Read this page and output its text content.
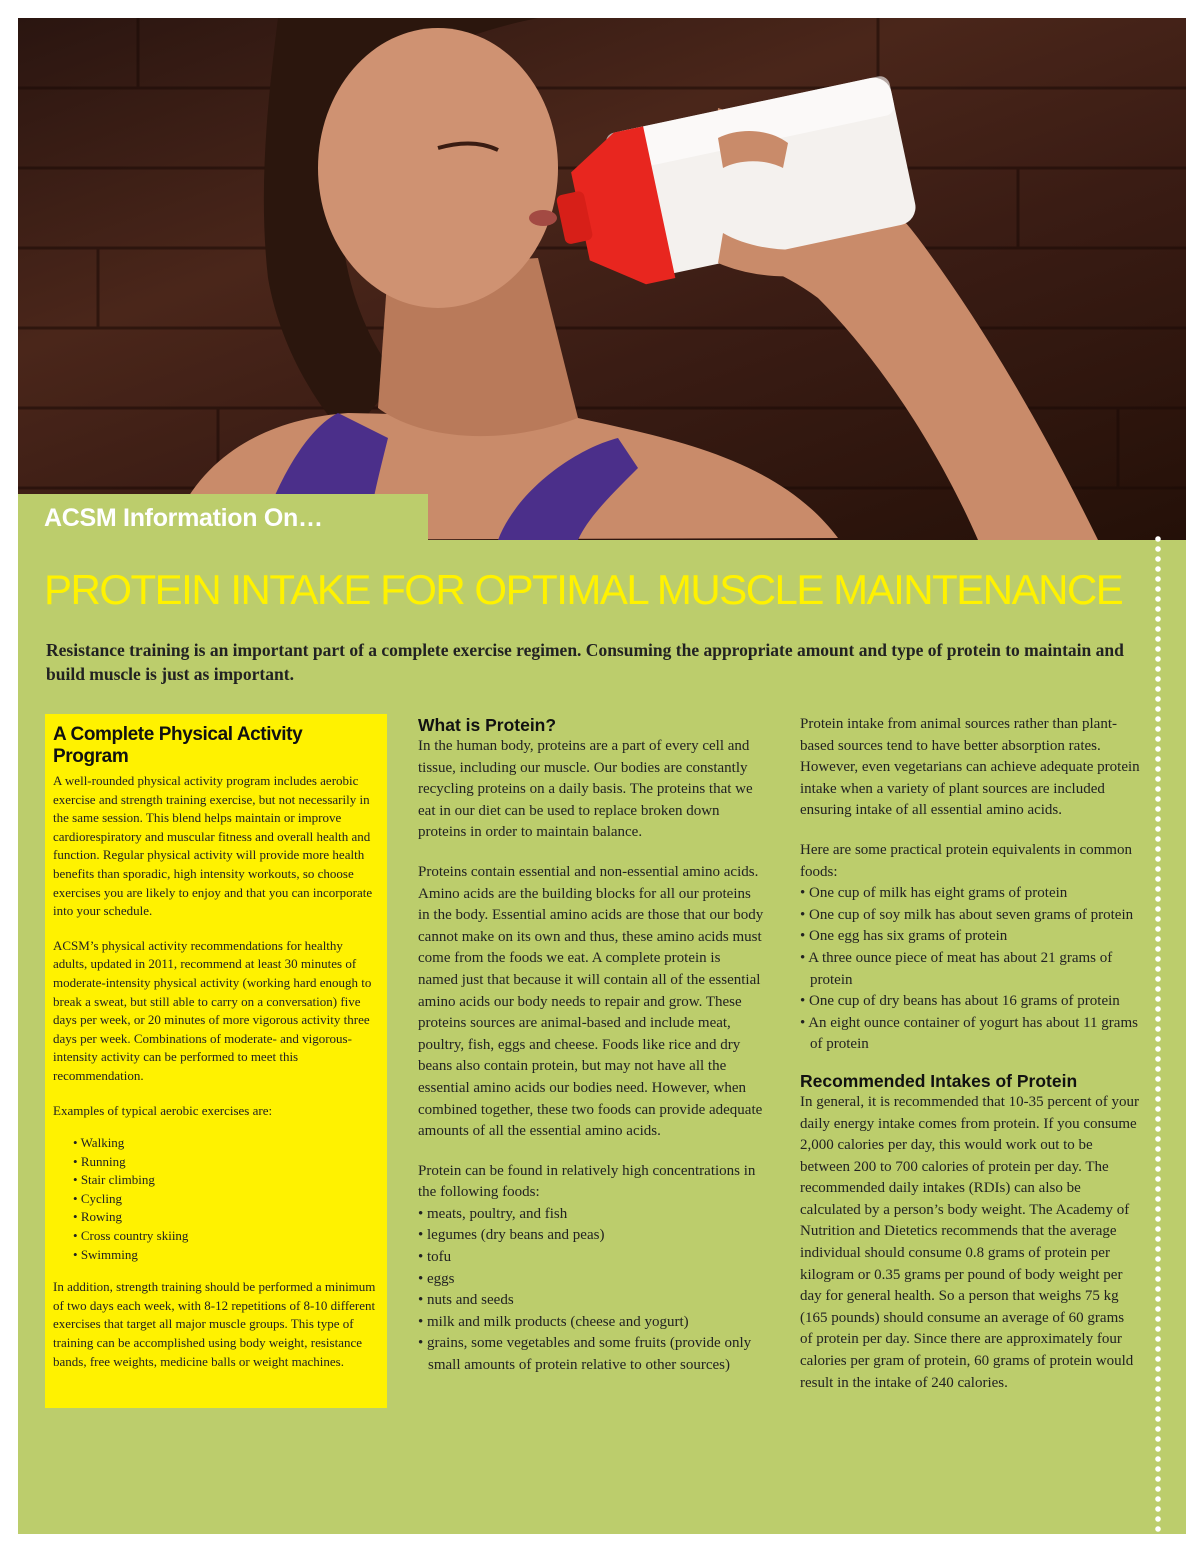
ACSM Information On…
PROTEIN INTAKE FOR OPTIMAL MUSCLE MAINTENANCE
Resistance training is an important part of a complete exercise regimen. Consuming the appropriate amount and type of protein to maintain and build muscle is just as important.
A Complete Physical Activity Program

A well-rounded physical activity program includes aerobic exercise and strength training exercise, but not necessarily in the same session. This blend helps maintain or improve cardiorespiratory and muscular fitness and overall health and function. Regular physical activity will provide more health benefits than sporadic, high intensity workouts, so choose exercises you are likely to enjoy and that you can incorporate into your schedule.

ACSM’s physical activity recommendations for healthy adults, updated in 2011, recommend at least 30 minutes of moderate-intensity physical activity (working hard enough to break a sweat, but still able to carry on a conversation) five days per week, or 20 minutes of more vigorous activity three days per week. Combinations of moderate- and vigorous-intensity activity can be performed to meet this recommendation.

Examples of typical aerobic exercises are:

• Walking
• Running
• Stair climbing
• Cycling
• Rowing
• Cross country skiing
• Swimming

In addition, strength training should be performed a minimum of two days each week, with 8-12 repetitions of 8-10 different exercises that target all major muscle groups. This type of training can be accomplished using body weight, resistance bands, free weights, medicine balls or weight machines.

What is Protein?

In the human body, proteins are a part of every cell and tissue, including our muscle. Our bodies are constantly recycling proteins on a daily basis. The proteins that we eat in our diet can be used to replace broken down proteins in order to maintain balance.

Proteins contain essential and non-essential amino acids. Amino acids are the building blocks for all our proteins in the body. Essential amino acids are those that our body cannot make on its own and thus, these amino acids must come from the foods we eat. A complete protein is named just that because it will contain all of the essential amino acids our body needs to repair and grow. These proteins sources are animal-based and include meat, poultry, fish, eggs and cheese. Foods like rice and dry beans also contain protein, but may not have all the essential amino acids our bodies need. However, when combined together, these two foods can provide adequate amounts of all the essential amino acids.

Protein can be found in relatively high concentrations in the following foods:

• meats, poultry, and fish
• legumes (dry beans and peas)
• tofu
• eggs
• nuts and seeds
• milk and milk products (cheese and yogurt)
• grains, some vegetables and some fruits (provide only small amounts of protein relative to other sources)

Protein intake from animal sources rather than plant-based sources tend to have better absorption rates. However, even vegetarians can achieve adequate protein intake when a variety of plant sources are included ensuring intake of all essential amino acids.

Here are some practical protein equivalents in common foods:

• One cup of milk has eight grams of protein
• One cup of soy milk has about seven grams of protein
• One egg has six grams of protein
• A three ounce piece of meat has about 21 grams of protein
• One cup of dry beans has about 16 grams of protein
• An eight ounce container of yogurt has about 11 grams of protein
Recommended Intakes of Protein

In general, it is recommended that 10-35 percent of your daily energy intake comes from protein. If you consume 2,000 calories per day, this would work out to be between 200 to 700 calories of protein per day. The recommended daily intakes (RDIs) can also be calculated by a person’s body weight. The Academy of Nutrition and Dietetics recommends that the average individual should consume 0.8 grams of protein per kilogram or 0.35 grams per pound of body weight per day for general health. So a person that weighs 75 kg (165 pounds) should consume an average of 60 grams of protein per day. Since there are approximately four calories per gram of protein, 60 grams of protein would result in the intake of 240 calories.
